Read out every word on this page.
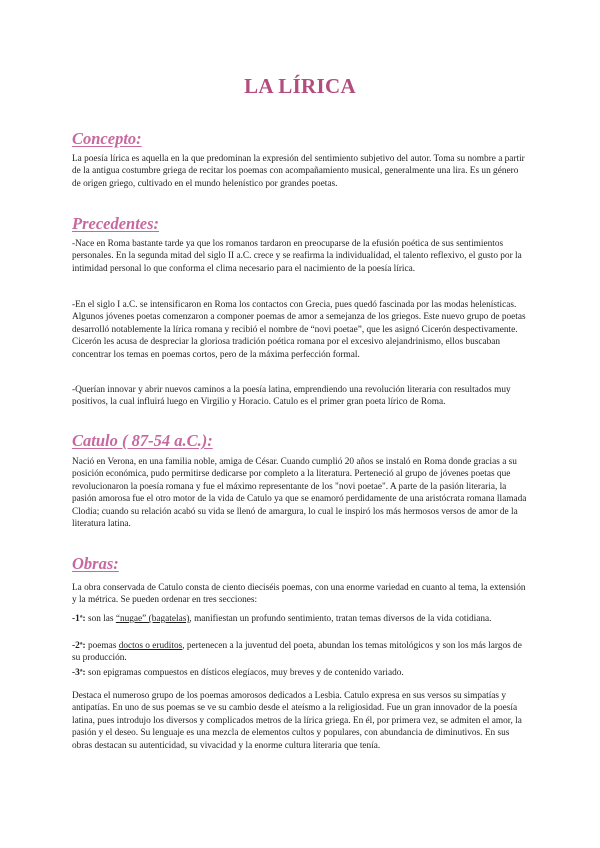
LA LÍRICA
Concepto:

La poesía lírica es aquella en la que predominan la expresión del sentimiento subjetivo del autor. Toma su nombre a partir de la antigua costumbre griega de recitar los poemas con acompañamiento musical, generalmente una lira. Es un género de origen griego, cultivado en el mundo helenístico por grandes poetas.

Precedentes:

-Nace en Roma bastante tarde ya que los romanos tardaron en preocuparse de la efusión poética de sus sentimientos personales. En la segunda mitad del siglo II a.C. crece y se reafirma la individualidad, el talento reflexivo, el gusto por la intimidad personal lo que conforma el clima necesario para el nacimiento de la poesía lírica.

-En el siglo I a.C. se intensificaron en Roma los contactos con Grecia, pues quedó fascinada por las modas helenísticas. Algunos jóvenes poetas comenzaron a componer poemas de amor a semejanza de los griegos. Este nuevo grupo de poetas desarrolló notablemente la lírica romana y recibió el nombre de “novi poetae”, que les asignó Cicerón despectivamente. Cicerón les acusa de despreciar la gloriosa tradición poética romana por el excesivo alejandrinismo, ellos buscaban concentrar los temas en poemas cortos, pero de la máxima perfección formal.

-Querían innovar y abrir nuevos caminos a la poesía latina, emprendiendo una revolución literaria con resultados muy positivos, la cual influirá luego en Virgilio y Horacio. Catulo es el primer gran poeta lírico de Roma.

Catulo ( 87-54 a.C.):

Nació en Verona, en una familia noble, amiga de César. Cuando cumplió 20 años se instaló en Roma donde gracias a su posición económica, pudo permitirse dedicarse por completo a la literatura. Perteneció al grupo de jóvenes poetas que revolucionaron la poesía romana y fue el máximo representante de los "novi poetae". A parte de la pasión literaria, la pasión amorosa fue el otro motor de la vida de Catulo ya que se enamoró perdidamente de una aristócrata romana llamada Clodia; cuando su relación acabó su vida se llenó de amargura, lo cual le inspiró los más hermosos versos de amor de la literatura latina.

Obras:

La obra conservada de Catulo consta de ciento dieciséis poemas, con una enorme variedad en cuanto al tema, la extensión y la métrica. Se pueden ordenar en tres secciones:

-1ª: son las “nugae” (bagatelas), manifiestan un profundo sentimiento, tratan temas diversos de la vida cotidiana.

-2ª: poemas doctos o eruditos, pertenecen a la juventud del poeta, abundan los temas mitológicos y son los más largos de su producción.

-3ª: son epigramas compuestos en dísticos elegíacos, muy breves y de contenido variado.

Destaca el numeroso grupo de los poemas amorosos dedicados a Lesbia. Catulo expresa en sus versos su simpatías y antipatías. En uno de sus poemas se ve su cambio desde el ateísmo a la religiosidad. Fue un gran innovador de la poesía latina, pues introdujo los diversos y complicados metros de la lírica griega. En él, por primera vez, se admiten el amor, la pasión y el deseo. Su lenguaje es una mezcla de elementos cultos y populares, con abundancia de diminutivos. En sus obras destacan su autenticidad, su vivacidad y la enorme cultura literaria que tenía.
